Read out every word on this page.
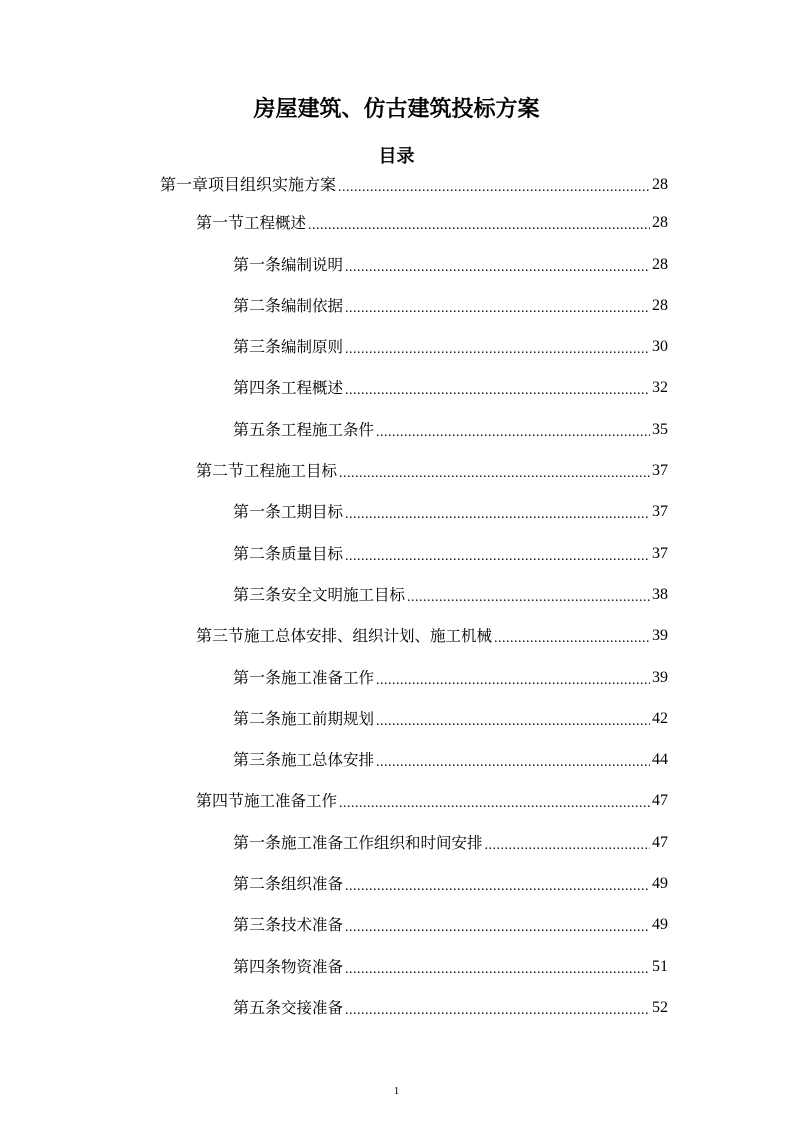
房屋建筑、仿古建筑投标方案
目录
第一章 项目组织实施方案 .....	28
第一节 工程概述 .....	28
第一条 编制说明 .....	28
第二条 编制依据 .....	28
第三条 编制原则 .....	30
第四条 工程概述 .....	32
第五条 工程施工条件 .....	35
第二节 工程施工目标 .....	37
第一条 工期目标 .....	37
第二条 质量目标 .....	37
第三条 安全文明施工目标 .....	38
第三节 施工总体安排、组织计划、施工机械 .....	39
第一条 施工准备工作 .....	39
第二条 施工前期规划 .....	42
第三条 施工总体安排 .....	44
第四节 施工准备工作 .....	47
第一条 施工准备工作组织和时间安排 .....	47
第二条 组织准备 .....	49
第三条 技术准备 .....	49
第四条 物资准备 .....	51
第五条 交接准备 .....	52
1
